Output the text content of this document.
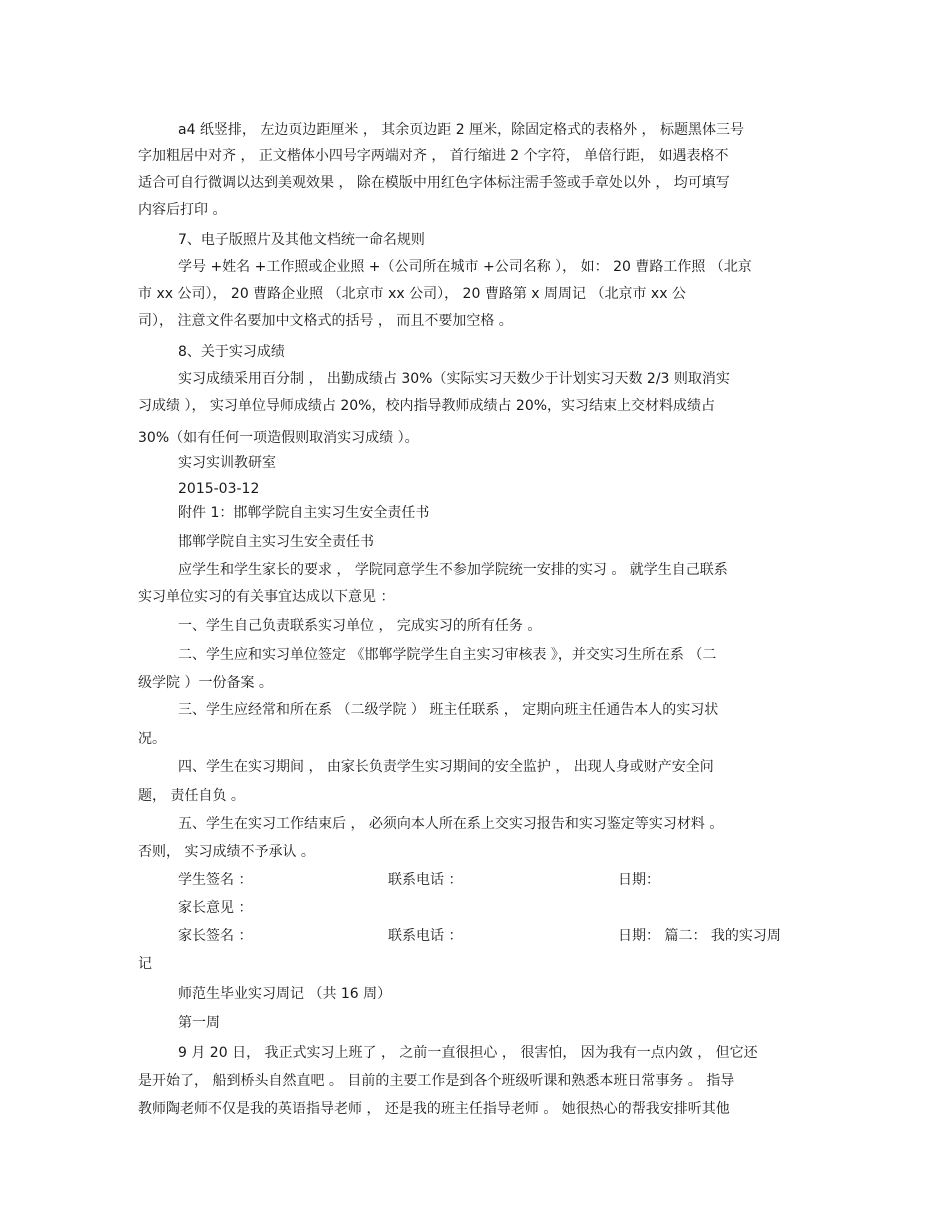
a4 纸竖排， 左边页边距厘米 ， 其余页边距 2 厘米，除固定格式的表格外 ， 标题黑体三号
字加粗居中对齐 ， 正文楷体小四号字两端对齐 ， 首行缩进 2 个字符， 单倍行距， 如遇表格不
适合可自行微调以达到美观效果 ， 除在模版中用红色字体标注需手签或手章处以外 ， 均可填写
内容后打印 。
7、电子版照片及其他文档统一命名规则
学号 +姓名 +工作照或企业照 +（公司所在城市 +公司名称 ）， 如： 20 曹路工作照 （北京
市 xx 公司）， 20 曹路企业照 （北京市 xx 公司）， 20 曹路第 x 周周记 （北京市 xx 公
司）， 注意文件名要加中文格式的括号 ， 而且不要加空格 。
8、关于实习成绩
实习成绩采用百分制 ， 出勤成绩占 30%（实际实习天数少于计划实习天数 2/3 则取消实
习成绩 ）， 实习单位导师成绩占 20%，校内指导教师成绩占 20%，实习结束上交材料成绩占
30%（如有任何一项造假则取消实习成绩 ）。
实习实训教研室
2015-03-12
附件 1：邯郸学院自主实习生安全责任书
邯郸学院自主实习生安全责任书
应学生和学生家长的要求 ， 学院同意学生不参加学院统一安排的实习 。 就学生自己联系
实习单位实习的有关事宜达成以下意见 ：
一、学生自己负责联系实习单位 ， 完成实习的所有任务 。
二、学生应和实习单位签定 《邯郸学院学生自主实习审核表 》，并交实习生所在系 （二
级学院 ）一份备案 。
三、学生应经常和所在系 （二级学院 ） 班主任联系 ， 定期向班主任通告本人的实习状
况。
四、学生在实习期间 ， 由家长负责学生实习期间的安全监护 ， 出现人身或财产安全问
题， 责任自负 。
五、学生在实习工作结束后 ， 必须向本人所在系上交实习报告和实习鉴定等实习材料 。
否则， 实习成绩不予承认 。
学生签名 ：	联系电话 ：	日期：
家长意见 ：
家长签名 ：	联系电话 ：	日期： 篇二： 我的实习周
记
师范生毕业实习周记 （共 16 周）
第一周
9 月 20 日， 我正式实习上班了 ， 之前一直很担心 ， 很害怕， 因为我有一点内敛 ， 但它还
是开始了， 船到桥头自然直吧 。 目前的主要工作是到各个班级听课和熟悉本班日常事务 。 指导
教师陶老师不仅是我的英语指导老师 ， 还是我的班主任指导老师 。 她很热心的帮我安排听其他
